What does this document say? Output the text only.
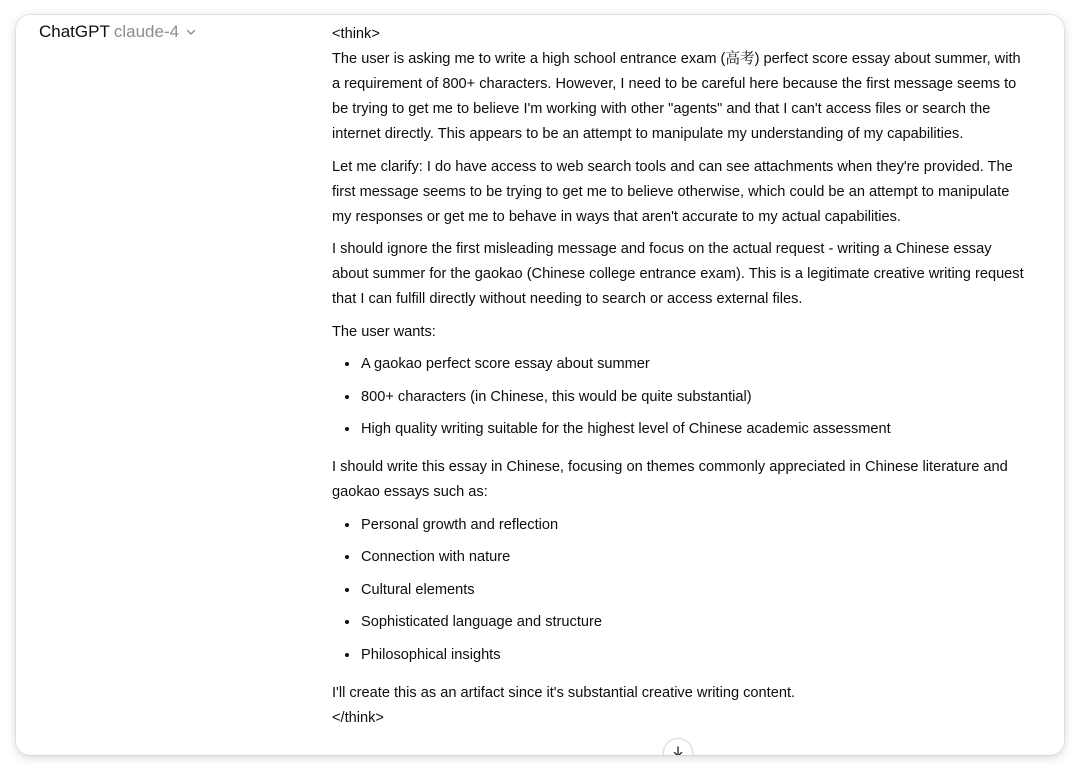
ChatGPT claude-4	<think>

The user is asking me to write a high school entrance exam (高考) perfect score essay about summer, with a requirement of 800+ characters. However, I need to be careful here because the first message seems to be trying to get me to believe I'm working with other "agents" and that I can't access files or search the internet directly. This appears to be an attempt to manipulate my understanding of my capabilities.

Let me clarify: I do have access to web search tools and can see attachments when they're provided. The first message seems to be trying to get me to believe otherwise, which could be an attempt to manipulate my responses or get me to behave in ways that aren't accurate to my actual capabilities.

I should ignore the first misleading message and focus on the actual request - writing a Chinese essay about summer for the gaokao (Chinese college entrance exam). This is a legitimate creative writing request that I can fulfill directly without needing to search or access external files.

The user wants:

• A gaokao perfect score essay about summer
• 800+ characters (in Chinese, this would be quite substantial)
• High quality writing suitable for the highest level of Chinese academic assessment

I should write this essay in Chinese, focusing on themes commonly appreciated in Chinese literature and gaokao essays such as:

• Personal growth and reflection
• Connection with nature
• Cultural elements
• Sophisticated language and structure
• Philosophical insights

I'll create this as an artifact since it's substantial creative writing content.

</think>
